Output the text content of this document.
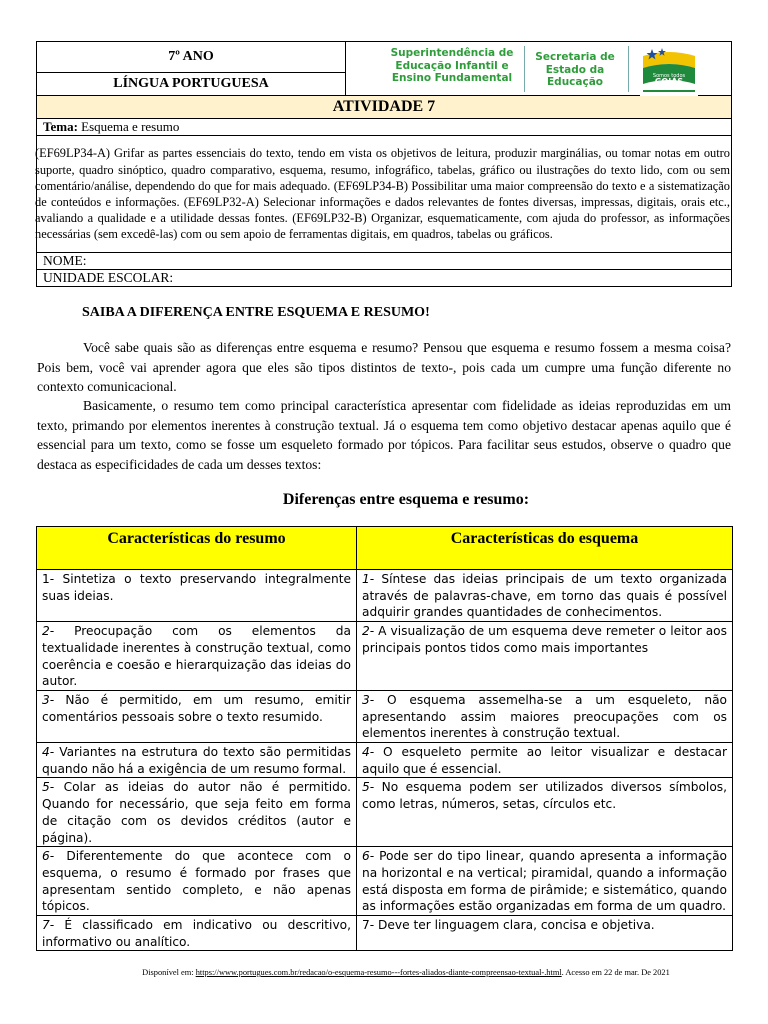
7º ANO	Superintendência de
Educação Infantil e
Ensino Fundamental
Secretaria de
Estado da
Educação	Somos todos
GOIÁS

LÍNGUA PORTUGUESA
ATIVIDADE 7
Tema: Esquema e resumo

(EF69LP34-A) Grifar as partes essenciais do texto, tendo em vista os objetivos de leitura, produzir marginálias, ou tomar notas em outro suporte, quadro sinóptico, quadro comparativo, esquema, resumo, infográfico, tabelas, gráfico ou ilustrações do texto lido, com ou sem comentário/análise, dependendo do que for mais adequado. (EF69LP34-B) Possibilitar uma maior compreensão do texto e a sistematização de conteúdos e informações. (EF69LP32-A) Selecionar informações e dados relevantes de fontes diversas, impressas, digitais, orais etc., avaliando a qualidade e a utilidade dessas fontes. (EF69LP32-B) Organizar, esquematicamente, com ajuda do professor, as informações necessárias (sem excedê-las) com ou sem apoio de ferramentas digitais, em quadros, tabelas ou gráficos.

NOME:
UNIDADE ESCOLAR:
SAIBA A DIFERENÇA ENTRE ESQUEMA E RESUMO!

Você sabe quais são as diferenças entre esquema e resumo? Pensou que esquema e resumo fossem a mesma coisa? Pois bem, você vai aprender agora que eles são tipos distintos de texto-, pois cada um cumpre uma função diferente no contexto comunicacional.

Basicamente, o resumo tem como principal característica apresentar com fidelidade as ideias reproduzidas em um texto, primando por elementos inerentes à construção textual. Já o esquema tem como objetivo destacar apenas aquilo que é essencial para um texto, como se fosse um esqueleto formado por tópicos. Para facilitar seus estudos, observe o quadro que destaca as especificidades de cada um desses textos:

Diferenças entre esquema e resumo:
Características do resumo	Características do esquema
1- Sintetiza o texto preservando integralmente suas ideias.	1- Síntese das ideias principais de um texto organizada através de palavras-chave, em torno das quais é possível adquirir grandes quantidades de conhecimentos.
2- Preocupação com os elementos da textualidade inerentes à construção textual, como coerência e coesão e hierarquização das ideias do autor.	2- A visualização de um esquema deve remeter o leitor aos principais pontos tidos como mais importantes
3- Não é permitido, em um resumo, emitir comentários pessoais sobre o texto resumido.	3- O esquema assemelha-se a um esqueleto, não apresentando assim maiores preocupações com os elementos inerentes à construção textual.
4- Variantes na estrutura do texto são permitidas quando não há a exigência de um resumo formal.	4- O esqueleto permite ao leitor visualizar e destacar aquilo que é essencial.
5- Colar as ideias do autor não é permitido. Quando for necessário, que seja feito em forma de citação com os devidos créditos (autor e página).	5- No esquema podem ser utilizados diversos símbolos, como letras, números, setas, círculos etc.
6- Diferentemente do que acontece com o esquema, o resumo é formado por frases que apresentam sentido completo, e não apenas tópicos.	6- Pode ser do tipo linear, quando apresenta a informação na horizontal e na vertical; piramidal, quando a informação está disposta em forma de pirâmide; e sistemático, quando as informações estão organizadas em forma de um quadro.
7- É classificado em indicativo ou descritivo, informativo ou analítico.	7- Deve ter linguagem clara, concisa e objetiva.
Disponível em: https://www.portugues.com.br/redacao/o-esquema-resumo---fortes-aliados-diante-compreensao-textual-.html. Acesso em 22 de mar. De 2021
